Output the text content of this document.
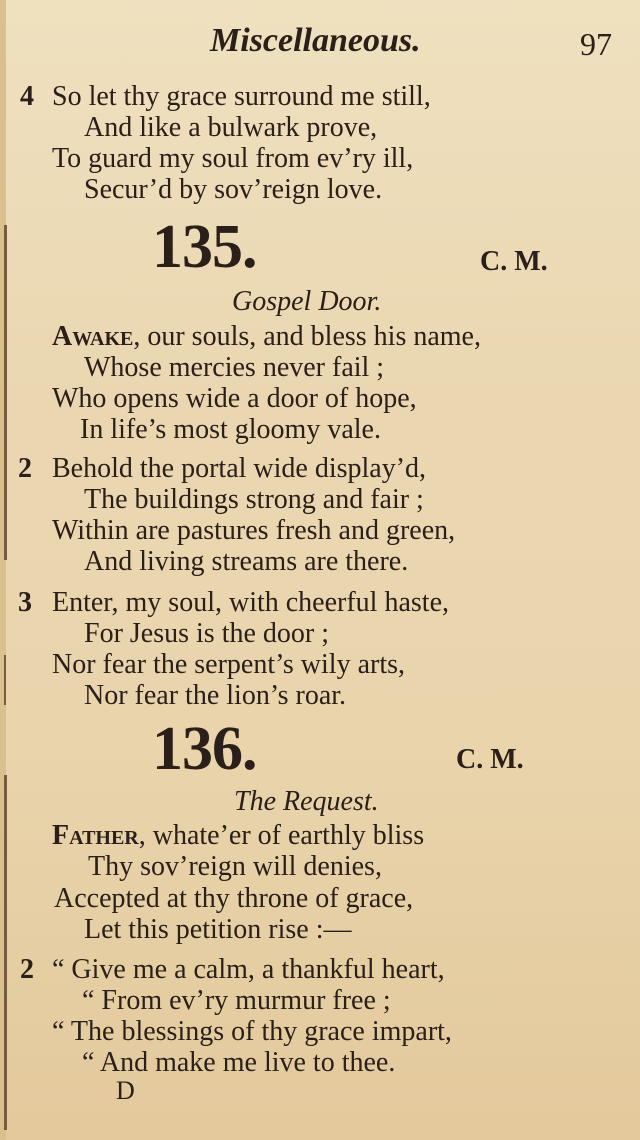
Miscellaneous.	97
4 So let thy grace surround me still,
And like a bulwark prove,
To guard my soul from ev’ry ill,
Secur’d by sov’reign love.
135.	C. M.
Gospel Door.
Awake, our souls, and bless his name,
Whose mercies never fail ;
Who opens wide a door of hope,
In life’s most gloomy vale.
2 Behold the portal wide display’d,
The buildings strong and fair ;
Within are pastures fresh and green,
And living streams are there.
3 Enter, my soul, with cheerful haste,
For Jesus is the door ;
Nor fear the serpent’s wily arts,
Nor fear the lion’s roar.
136.	C. M.
The Request.
Father, whate’er of earthly bliss
Thy sov’reign will denies,
Accepted at thy throne of grace,
Let this petition rise :—
2 “ Give me a calm, a thankful heart,
“ From ev’ry murmur free ;
“ The blessings of thy grace impart,
“ And make me live to thee.
D
